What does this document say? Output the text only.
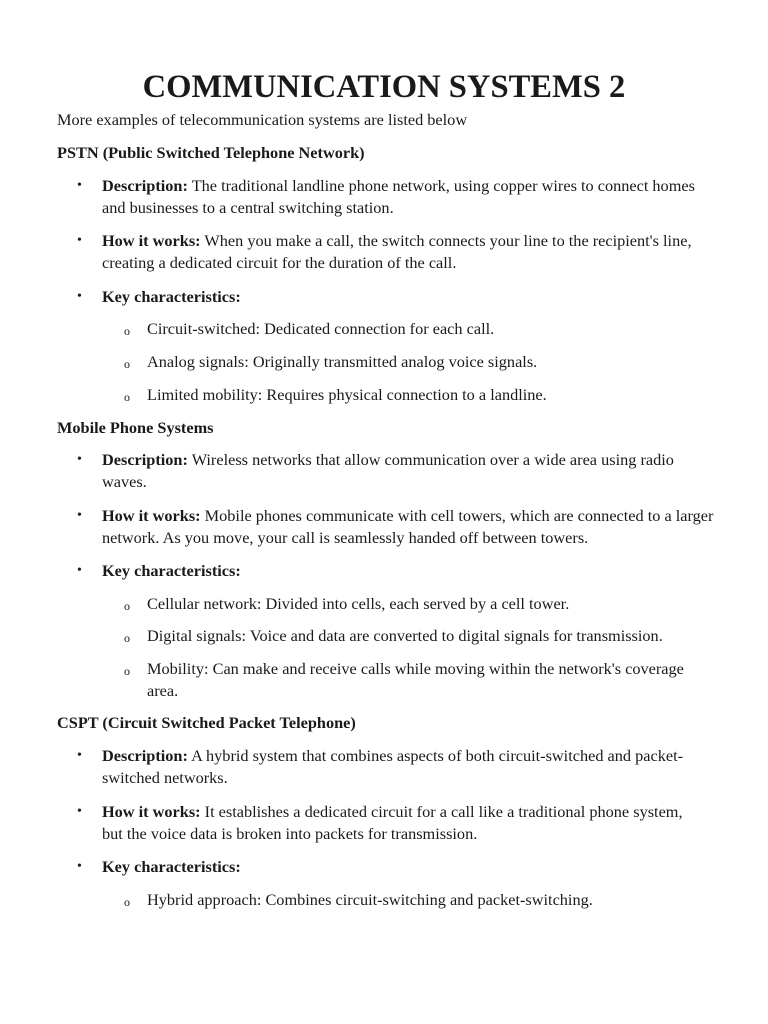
COMMUNICATION SYSTEMS 2

More examples of telecommunication systems are listed below

PSTN (Public Switched Telephone Network)

• Description: The traditional landline phone network, using copper wires to connect homes and businesses to a central switching station.

• How it works: When you make a call, the switch connects your line to the recipient's line, creating a dedicated circuit for the duration of the call.

• Key characteristics:

o Circuit-switched: Dedicated connection for each call.

o Analog signals: Originally transmitted analog voice signals.

o Limited mobility: Requires physical connection to a landline.

Mobile Phone Systems

• Description: Wireless networks that allow communication over a wide area using radio waves.

• How it works: Mobile phones communicate with cell towers, which are connected to a larger network. As you move, your call is seamlessly handed off between towers.

• Key characteristics:

o Cellular network: Divided into cells, each served by a cell tower.

o Digital signals: Voice and data are converted to digital signals for transmission.

o Mobility: Can make and receive calls while moving within the network's coverage area.

CSPT (Circuit Switched Packet Telephone)

• Description: A hybrid system that combines aspects of both circuit-switched and packet-switched networks.

• How it works: It establishes a dedicated circuit for a call like a traditional phone system, but the voice data is broken into packets for transmission.

• Key characteristics:

o Hybrid approach: Combines circuit-switching and packet-switching.
